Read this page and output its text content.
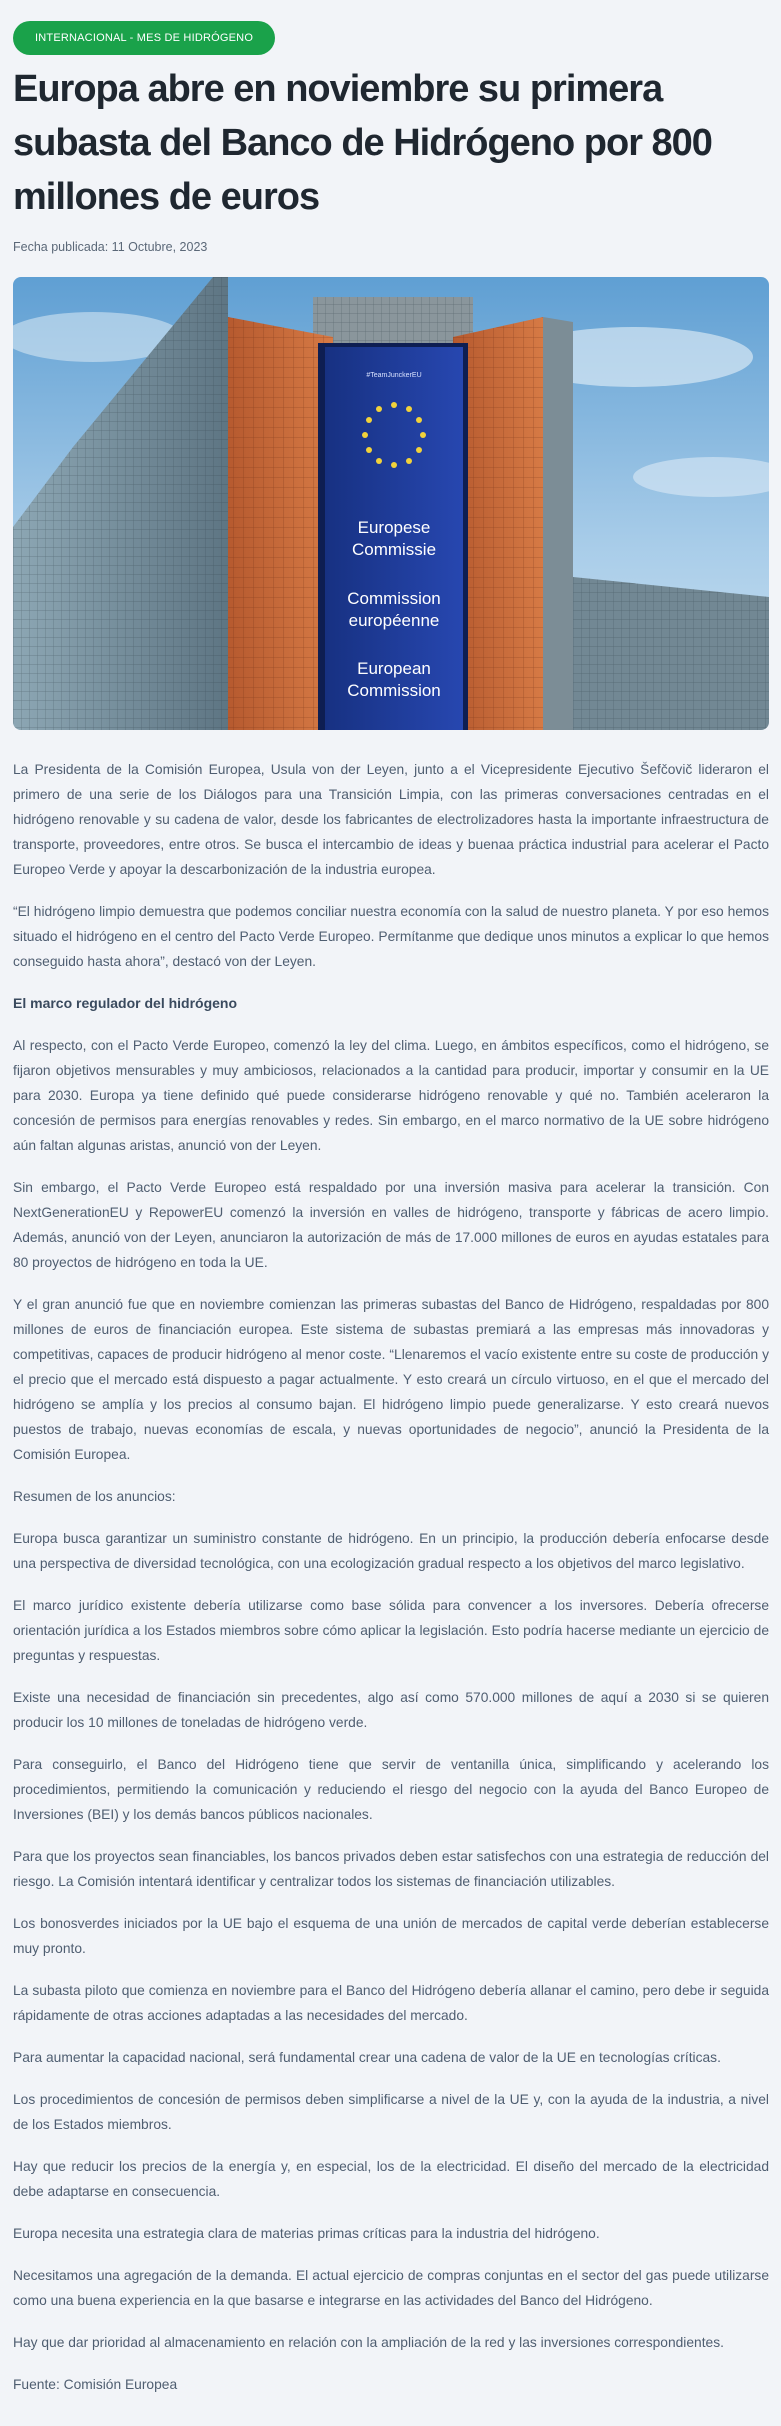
INTERNACIONAL - MES DE HIDRÓGENO
Europa abre en noviembre su primera subasta del Banco de Hidrógeno por 800 millones de euros
Fecha publicada: 11 Octubre, 2023
#TeamJunckerEU
Europese
Commissie
Commission
européenne
European
Commission

La Presidenta de la Comisión Europea, Usula von der Leyen, junto a el Vicepresidente Ejecutivo Šefčovič lideraron el primero de una serie de los Diálogos para una Transición Limpia, con las primeras conversaciones centradas en el hidrógeno renovable y su cadena de valor, desde los fabricantes de electrolizadores hasta la importante infraestructura de transporte, proveedores, entre otros. Se busca el intercambio de ideas y buenaa práctica industrial para acelerar el Pacto Europeo Verde y apoyar la descarbonización de la industria europea.

“El hidrógeno limpio demuestra que podemos conciliar nuestra economía con la salud de nuestro planeta. Y por eso hemos situado el hidrógeno en el centro del Pacto Verde Europeo. Permítanme que dedique unos minutos a explicar lo que hemos conseguido hasta ahora”, destacó von der Leyen.

El marco regulador del hidrógeno

Al respecto, con el Pacto Verde Europeo, comenzó la ley del clima. Luego, en ámbitos específicos, como el hidrógeno, se fijaron objetivos mensurables y muy ambiciosos, relacionados a la cantidad para producir, importar y consumir en la UE para 2030. Europa ya tiene definido qué puede considerarse hidrógeno renovable y qué no. También aceleraron la concesión de permisos para energías renovables y redes. Sin embargo, en el marco normativo de la UE sobre hidrógeno aún faltan algunas aristas, anunció von der Leyen.

Sin embargo, el Pacto Verde Europeo está respaldado por una inversión masiva para acelerar la transición. Con NextGenerationEU y RepowerEU comenzó la inversión en valles de hidrógeno, transporte y fábricas de acero limpio. Además, anunció von der Leyen, anunciaron la autorización de más de 17.000 millones de euros en ayudas estatales para 80 proyectos de hidrógeno en toda la UE.

Y el gran anunció fue que en noviembre comienzan las primeras subastas del Banco de Hidrógeno, respaldadas por 800 millones de euros de financiación europea. Este sistema de subastas premiará a las empresas más innovadoras y competitivas, capaces de producir hidrógeno al menor coste. “Llenaremos el vacío existente entre su coste de producción y el precio que el mercado está dispuesto a pagar actualmente. Y esto creará un círculo virtuoso, en el que el mercado del hidrógeno se amplía y los precios al consumo bajan. El hidrógeno limpio puede generalizarse. Y esto creará nuevos puestos de trabajo, nuevas economías de escala, y nuevas oportunidades de negocio”, anunció la Presidenta de la Comisión Europea.

Resumen de los anuncios:

Europa busca garantizar un suministro constante de hidrógeno. En un principio, la producción debería enfocarse desde una perspectiva de diversidad tecnológica, con una ecologización gradual respecto a los objetivos del marco legislativo.

El marco jurídico existente debería utilizarse como base sólida para convencer a los inversores. Debería ofrecerse orientación jurídica a los Estados miembros sobre cómo aplicar la legislación. Esto podría hacerse mediante un ejercicio de preguntas y respuestas.

Existe una necesidad de financiación sin precedentes, algo así como 570.000 millones de aquí a 2030 si se quieren producir los 10 millones de toneladas de hidrógeno verde.

Para conseguirlo, el Banco del Hidrógeno tiene que servir de ventanilla única, simplificando y acelerando los procedimientos, permitiendo la comunicación y reduciendo el riesgo del negocio con la ayuda del Banco Europeo de Inversiones (BEI) y los demás bancos públicos nacionales.

Para que los proyectos sean financiables, los bancos privados deben estar satisfechos con una estrategia de reducción del riesgo. La Comisión intentará identificar y centralizar todos los sistemas de financiación utilizables.

Los bonosverdes iniciados por la UE bajo el esquema de una unión de mercados de capital verde deberían establecerse muy pronto.

La subasta piloto que comienza en noviembre para el Banco del Hidrógeno debería allanar el camino, pero debe ir seguida rápidamente de otras acciones adaptadas a las necesidades del mercado.

Para aumentar la capacidad nacional, será fundamental crear una cadena de valor de la UE en tecnologías críticas.

Los procedimientos de concesión de permisos deben simplificarse a nivel de la UE y, con la ayuda de la industria, a nivel de los Estados miembros.

Hay que reducir los precios de la energía y, en especial, los de la electricidad. El diseño del mercado de la electricidad debe adaptarse en consecuencia.

Europa necesita una estrategia clara de materias primas críticas para la industria del hidrógeno.

Necesitamos una agregación de la demanda. El actual ejercicio de compras conjuntas en el sector del gas puede utilizarse como una buena experiencia en la que basarse e integrarse en las actividades del Banco del Hidrógeno.

Hay que dar prioridad al almacenamiento en relación con la ampliación de la red y las inversiones correspondientes.

Fuente: Comisión Europea
